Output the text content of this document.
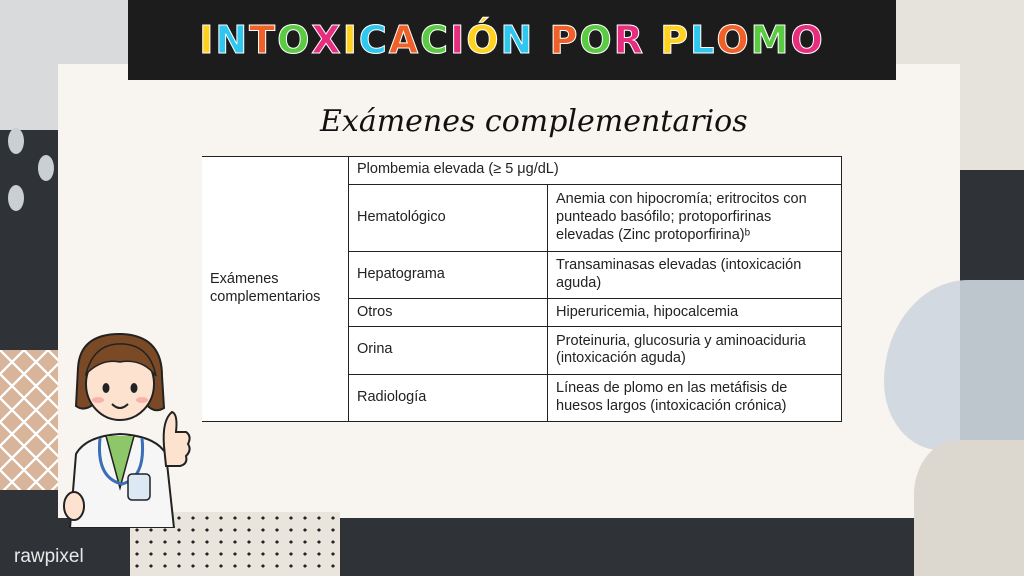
I N T O X I C A C I Ó N
P O R
P L O M O
Exámenes complementarios
Exámenes complementarios	Plombemia elevada (≥ 5 μg/dL)	
	Hematológico	Anemia con hipocromía; eritrocitos con punteado basófilo; protoporfirinas elevadas (Zinc protoporfirina)ᵇ
	Hepatograma	Transaminasas elevadas (intoxicación aguda)
	Otros	Hiperuricemia, hipocalcemia
	Orina	Proteinuria, glucosuria y aminoaciduria (intoxicación aguda)
	Radiología	Líneas de plomo en las metáfisis de huesos largos (intoxicación crónica)
rawpixel
